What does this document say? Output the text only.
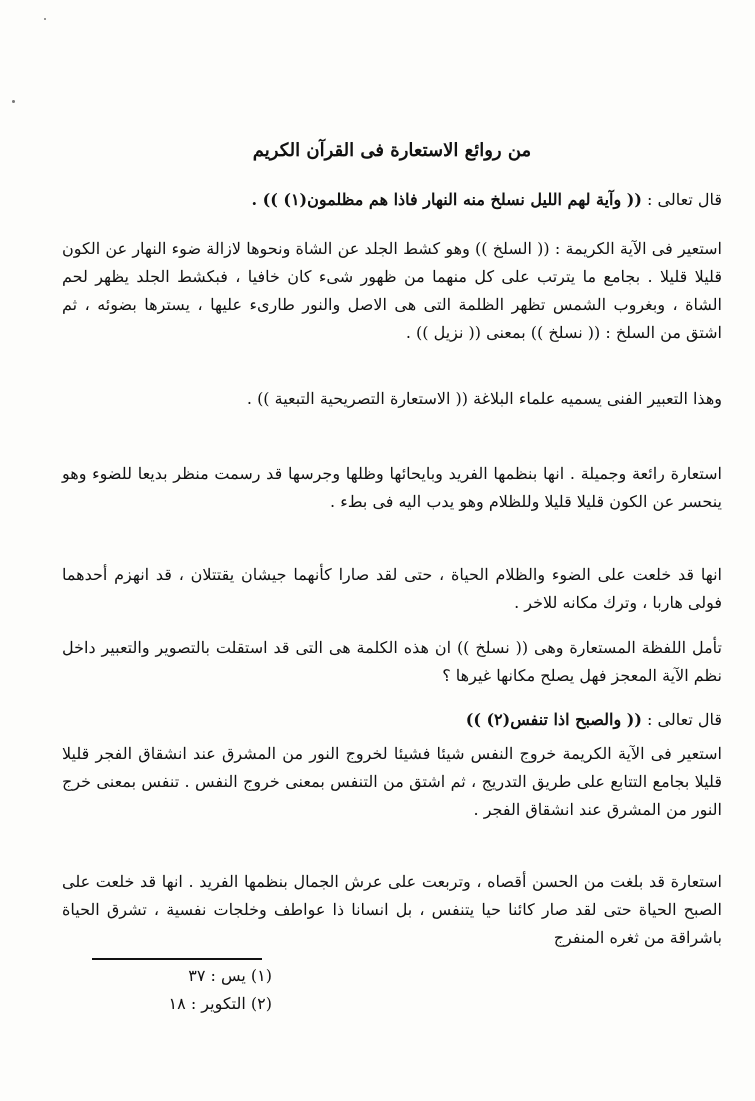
من روائع الاستعارة فى القرآن الكريم
قال تعالى : (( وآية لهم الليل نسلخ منه النهار فاذا هم مظلمون(١) )) .
استعير فى الآية الكريمة : (( السلخ )) وهو كشط الجلد عن الشاة ونحوها لازالة ضوء النهار عن الكون قليلا قليلا . بجامع ما يترتب على كل منهما من ظهور شىء كان خافيا ، فبكشط الجلد يظهر لحم الشاة ، وبغروب الشمس تظهر الظلمة التى هى الاصل والنور طارىء عليها ، يسترها بضوئه ، ثم اشتق من السلخ : (( نسلخ )) بمعنى (( نزيل )) .
وهذا التعبير الفنى يسميه علماء البلاغة (( الاستعارة التصريحية التبعية )) .
استعارة رائعة وجميلة . انها بنظمها الفريد وبايحائها وظلها وجرسها قد رسمت منظر بديعا للضوء وهو ينحسر عن الكون قليلا قليلا وللظلام وهو يدب اليه فى بطء .
انها قد خلعت على الضوء والظلام الحياة ، حتى لقد صارا كأنهما جيشان يقتتلان ، قد انهزم أحدهما فولى هاربا ، وترك مكانه للاخر .
تأمل اللفظة المستعارة وهى (( نسلخ )) ان هذه الكلمة هى التى قد استقلت بالتصوير والتعبير داخل نظم الآية المعجز فهل يصلح مكانها غيرها ؟
قال تعالى : (( والصبح اذا تنفس(٢) ))
استعير فى الآية الكريمة خروج النفس شيئا فشيئا لخروج النور من المشرق عند انشقاق الفجر قليلا قليلا بجامع التتابع على طريق التدريج ، ثم اشتق من التنفس بمعنى خروج النفس . تنفس بمعنى خرج النور من المشرق عند انشقاق الفجر .
استعارة قد بلغت من الحسن أقصاه ، وتربعت على عرش الجمال بنظمها الفريد . انها قد خلعت على الصبح الحياة حتى لقد صار كائنا حيا يتنفس ، بل انسانا ذا عواطف وخلجات نفسية ، تشرق الحياة باشراقة من ثغره المنفرج
(١) يس : ٣٧
(٢) التكوير : ١٨
